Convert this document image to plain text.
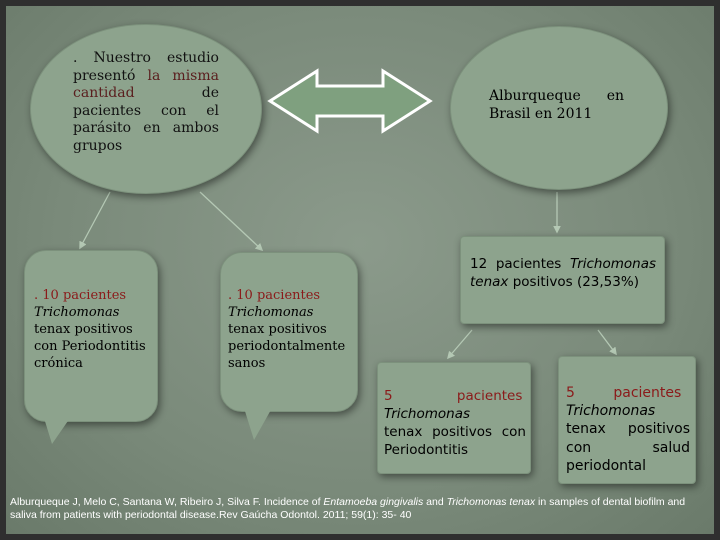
. Nuestro estudio presentó la misma cantidad de pacientes con el parásito en ambos grupos
Alburqueque en Brasil en 2011
. 10 pacientes
Trichomonas
tenax positivos con Periodontitis crónica
. 10 pacientes
Trichomonas
tenax positivos periodontalmente sanos
12 pacientes Trichomonas tenax positivos (23,53%)
5 pacientes
Trichomonas
tenax positivos con Periodontitis
5 pacientes
Trichomonas
tenax positivos con salud periodontal
Alburqueque J, Melo C, Santana W, Ribeiro J, Silva F. Incidence of Entamoeba gingivalis and Trichomonas tenax in samples of dental biofilm and saliva from patients with periodontal disease.Rev Gaúcha Odontol. 2011; 59(1): 35- 40
